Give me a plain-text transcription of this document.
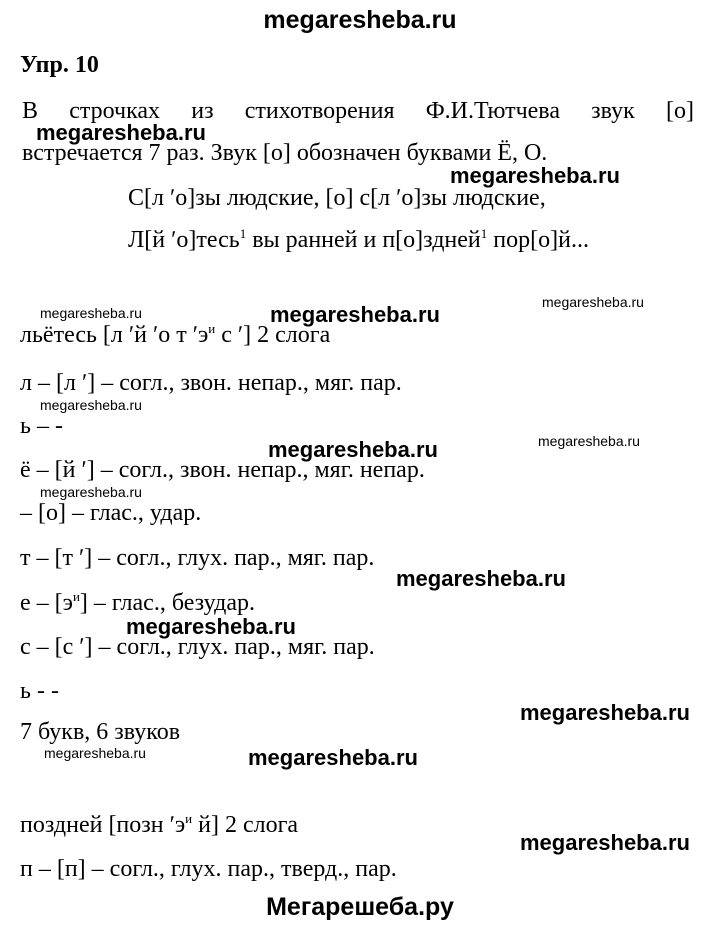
megaresheba.ru
Упр. 10
В строчках из стихотворения Ф.И.Тютчева звук [о]
встречается 7 раз. Звук [о] обозначен буквами Ё, О.
С[л ʹо]зы людские, [о] с[л ʹо]зы людские,
Л[й ʹо]тесь$^1$ вы ранней и п[о]здней$^1$ пор[о]й...
льётесь [л ʹй ʹо т ʹэ$^и$ с ʹ] 2 слога
л – [л ʹ] – согл., звон. непар., мяг. пар.
ь – -
ё – [й ʹ] – согл., звон. непар., мяг. непар.
– [о] – глас., удар.
т – [т ʹ] – согл., глух. пар., мяг. пар.
е – $[э^и]$ – глас., безудар.
с – [с ʹ] – согл., глух. пар., мяг. пар.
ь - -
7 букв, 6 звуков
поздней [позн ʹэ$^и$ й] 2 слога
п – [п] – согл., глух. пар., тверд., пар.
megaresheba.ru
megaresheba.ru
megaresheba.ru	megaresheba.ru	megaresheba.ru
megaresheba.ru
megaresheba.ru	megaresheba.ru
megaresheba.ru
megaresheba.ru
megaresheba.ru
megaresheba.ru
megaresheba.ru	megaresheba.ru
megaresheba.ru
Мегарешеба.ру
